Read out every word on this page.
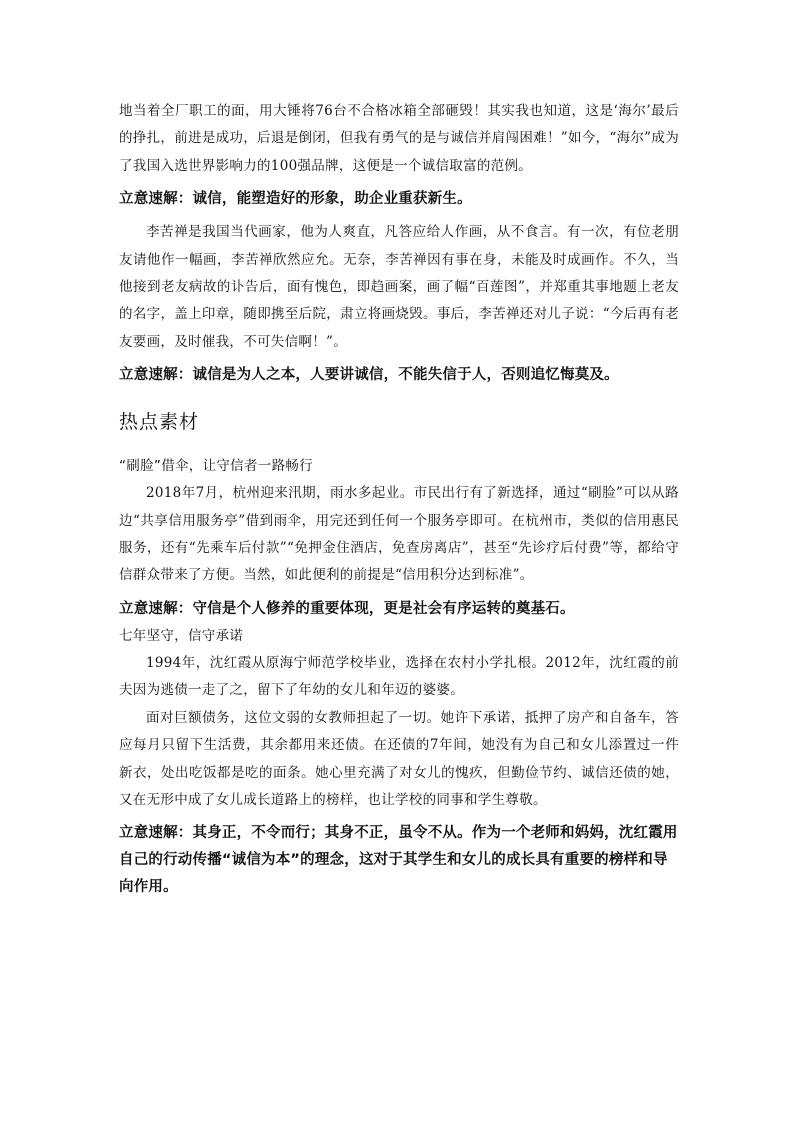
地当着全厂职工的面，用大锤将76台不合格冰箱全部砸毁！其实我也知道，这是‘海尔’最后的挣扎，前进是成功，后退是倒闭，但我有勇气的是与诚信并肩闯困难！”如今，“海尔”成为了我国入选世界影响力的100强品牌，这便是一个诚信取富的范例。

立意速解：诚信，能塑造好的形象，助企业重获新生。

李苦禅是我国当代画家，他为人爽直，凡答应给人作画，从不食言。有一次，有位老朋友请他作一幅画，李苦禅欣然应允。无奈，李苦禅因有事在身，未能及时成画作。不久，当他接到老友病故的讣告后，面有愧色，即趋画案，画了幅“百莲图”，并郑重其事地题上老友的名字，盖上印章，随即携至后院，肃立将画烧毁。事后，李苦禅还对儿子说：“今后再有老友要画，及时催我，不可失信啊！”。

立意速解：诚信是为人之本，人要讲诚信，不能失信于人，否则追忆悔莫及。

热点素材

“刷脸”借伞，让守信者一路畅行

2018年7月，杭州迎来汛期，雨水多起业。市民出行有了新选择，通过“刷脸”可以从路边“共享信用服务亭”借到雨伞，用完还到任何一个服务亭即可。在杭州市，类似的信用惠民服务，还有“先乘车后付款”“免押金住酒店，免查房离店”，甚至“先诊疗后付费”等，都给守信群众带来了方便。当然，如此便利的前提是“信用积分达到标准”。

立意速解：守信是个人修养的重要体现，更是社会有序运转的奠基石。

七年坚守，信守承诺

1994年，沈红霞从原海宁师范学校毕业，选择在农村小学扎根。2012年，沈红霞的前夫因为逃债一走了之，留下了年幼的女儿和年迈的婆婆。

面对巨额债务，这位文弱的女教师担起了一切。她许下承诺，抵押了房产和自备车，答应每月只留下生活费，其余都用来还债。在还债的7年间，她没有为自己和女儿添置过一件新衣，处出吃饭都是吃的面条。她心里充满了对女儿的愧疚，但勤俭节约、诚信还债的她，又在无形中成了女儿成长道路上的榜样，也让学校的同事和学生尊敬。

立意速解：其身正，不令而行；其身不正，虽令不从。作为一个老师和妈妈，沈红霞用自己的行动传播“诚信为本”的理念，这对于其学生和女儿的成长具有重要的榜样和导向作用。
